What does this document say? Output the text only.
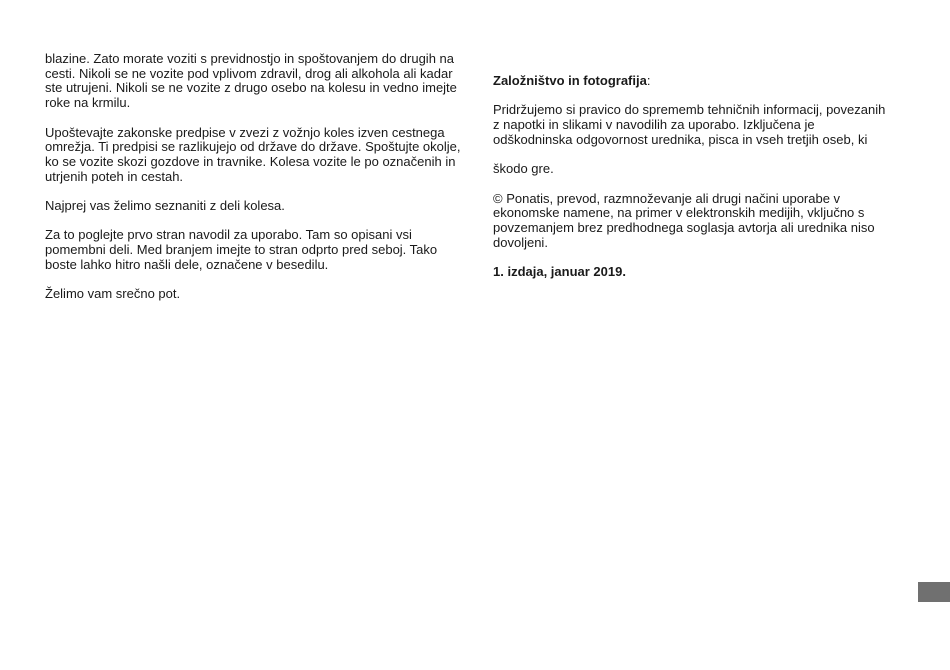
blazine. Zato morate voziti s previdnostjo in spoštovanjem do drugih na cesti. Nikoli se ne vozite pod vplivom zdravil, drog ali alkohola ali kadar ste utrujeni. Nikoli se ne vozite z drugo osebo na kolesu in vedno imejte roke na krmilu.

Upoštevajte zakonske predpise v zvezi z vožnjo koles izven cestnega omrežja. Ti predpisi se razlikujejo od države do države. Spoštujte okolje, ko se vozite skozi gozdove in travnike. Kolesa vozite le po označenih in utrjenih poteh in cestah.

Najprej vas želimo seznaniti z deli kolesa.

Za to poglejte prvo stran navodil za uporabo. Tam so opisani vsi pomembni deli. Med branjem imejte to stran odprto pred seboj. Tako boste lahko hitro našli dele, označene v besedilu.

Želimo vam srečno pot.

Založništvo in fotografija:

Pridržujemo si pravico do sprememb tehničnih informacij, povezanih z napotki in slikami v navodilih za uporabo. Izključena je odškodninska odgovornost urednika, pisca in vseh tretjih oseb, ki

škodo gre.

© Ponatis, prevod, razmnoževanje ali drugi načini uporabe v ekonomske namene, na primer v elektronskih medijih, vključno s povzemanjem brez predhodnega soglasja avtorja ali urednika niso dovoljeni.

1. izdaja, januar 2019.
